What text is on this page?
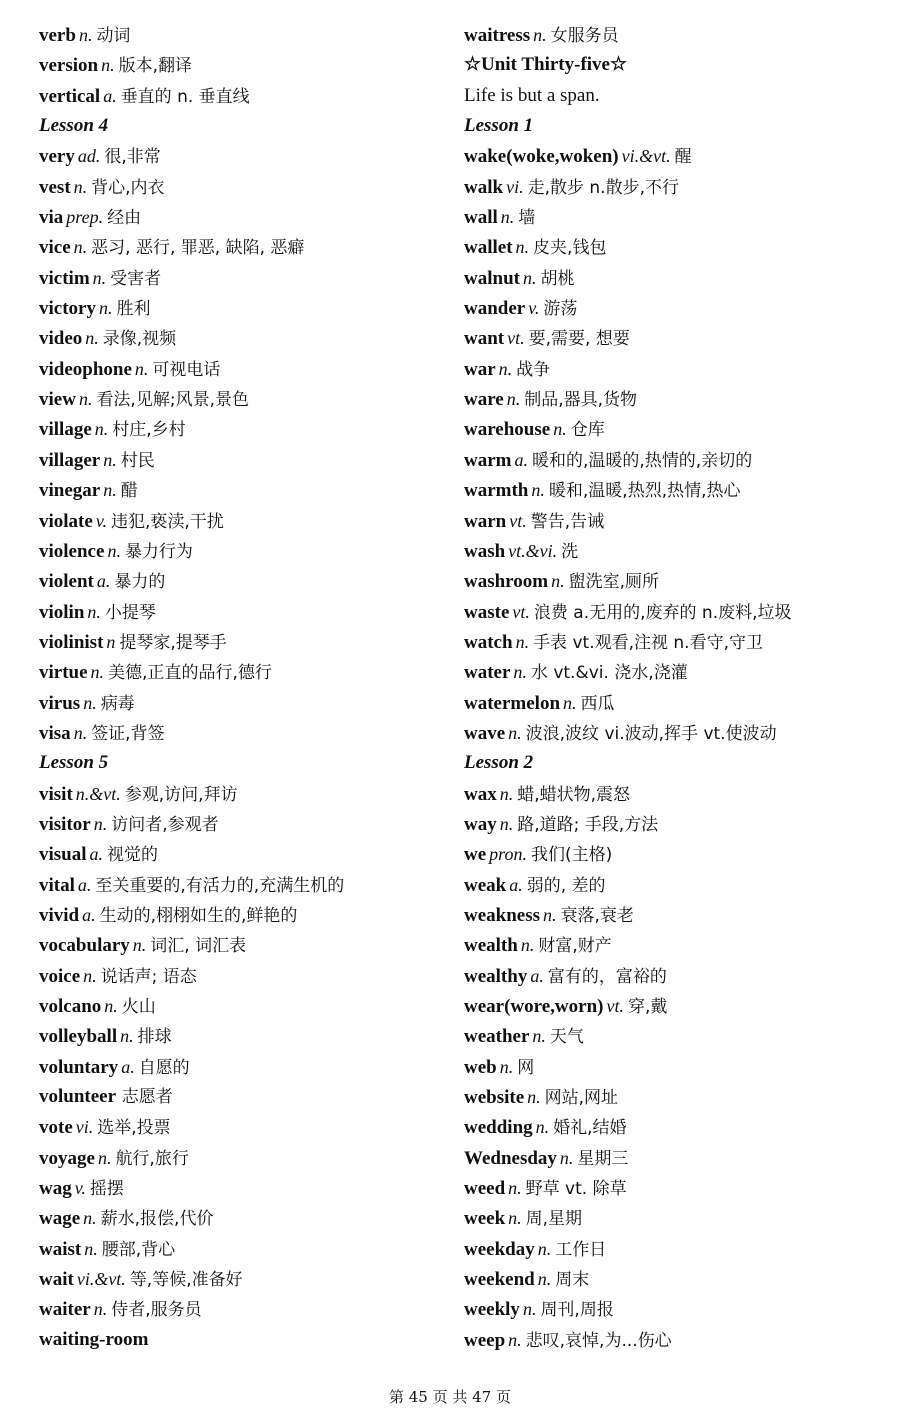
verb n. 动词
version n. 版本,翻译
vertical a. 垂直的 n. 垂直线
Lesson 4
very ad. 很,非常
vest n. 背心,内衣
via prep. 经由
vice n. 恶习, 恶行, 罪恶, 缺陷, 恶癖
victim n. 受害者
victory n. 胜利
video n. 录像,视频
videophone n. 可视电话
view n. 看法,见解;风景,景色
village n. 村庄,乡村
villager n. 村民
vinegar n. 醋
violate v. 违犯,亵渎,干扰
violence n. 暴力行为
violent a. 暴力的
violin n. 小提琴
violinist n 提琴家,提琴手
virtue n. 美德,正直的品行,德行
virus n. 病毒
visa n. 签证,背签
Lesson 5
visit n.&vt. 参观,访问,拜访
visitor n. 访问者,参观者
visual a. 视觉的
vital a. 至关重要的,有活力的,充满生机的
vivid a. 生动的,栩栩如生的,鲜艳的
vocabulary n. 词汇, 词汇表
voice n. 说话声; 语态
volcano n. 火山
volleyball n. 排球
voluntary a. 自愿的
volunteer 志愿者
vote vi. 选举,投票
voyage n. 航行,旅行
wag v. 摇摆
wage n. 薪水,报偿,代价
waist n. 腰部,背心
wait vi.&vt. 等,等候,准备好
waiter n. 侍者,服务员
waiting-room
waitress n. 女服务员
☆Unit Thirty-five☆
Life is but a span.
Lesson 1
wake(woke,woken) vi.&vt. 醒
walk vi. 走,散步 n.散步,不行
wall n. 墙
wallet n. 皮夹,钱包
walnut n. 胡桃
wander v. 游荡
want vt. 要,需要, 想要
war n. 战争
ware n. 制品,器具,货物
warehouse n. 仓库
warm a. 暖和的,温暖的,热情的,亲切的
warmth n. 暖和,温暖,热烈,热情,热心
warn vt. 警告,告诫
wash vt.&vi. 洗
washroom n. 盥洗室,厕所
waste vt. 浪费 a.无用的,废弃的 n.废料,垃圾
watch n. 手表 vt.观看,注视 n.看守,守卫
water n. 水 vt.&vi. 浇水,浇灌
watermelon n. 西瓜
wave n. 波浪,波纹 vi.波动,挥手 vt.使波动
Lesson 2
wax n. 蜡,蜡状物,震怒
way n. 路,道路; 手段,方法
we pron. 我们(主格)
weak a. 弱的, 差的
weakness n. 衰落,衰老
wealth n. 财富,财产
wealthy a. 富有的，富裕的
wear(wore,worn) vt. 穿,戴
weather n. 天气
web n. 网
website n. 网站,网址
wedding n. 婚礼,结婚
Wednesday n. 星期三
weed n. 野草 vt. 除草
week n. 周,星期
weekday n. 工作日
weekend n. 周末
weekly n. 周刊,周报
weep n. 悲叹,哀悼,为...伤心
第 45 页 共 47 页
